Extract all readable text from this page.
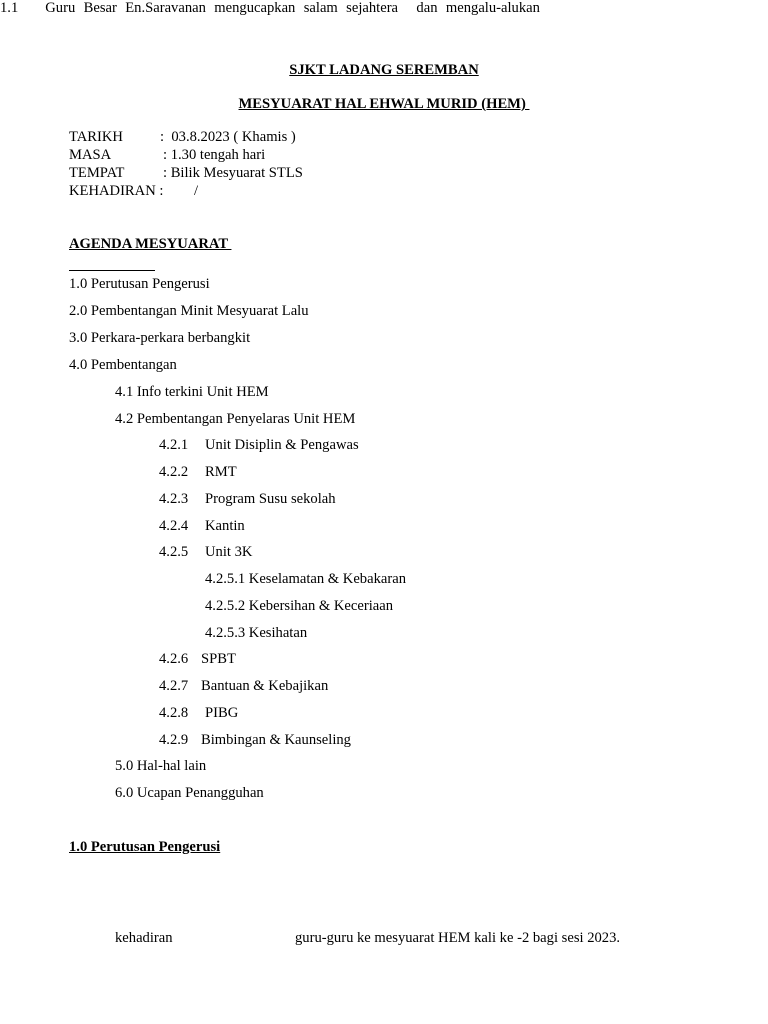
SJKT LADANG SEREMBAN
MESYUARAT HAL EHWAL MURID (HEM)
TARIKH	:  03.8.2023 ( Khamis )
MASA	: 1.30 tengah hari
TEMPAT	: Bilik Mesyuarat STLS
KEHADIRAN : /
AGENDA MESYUARAT
1.0 Perutusan Pengerusi
2.0 Pembentangan Minit Mesyuarat Lalu
3.0 Perkara-perkara berbangkit
4.0 Pembentangan
4.1 Info terkini Unit HEM
4.2 Pembentangan Penyelaras Unit HEM
4.2.1 Unit Disiplin & Pengawas
4.2.2 RMT
4.2.3 Program Susu sekolah
4.2.4 Kantin
4.2.5 Unit 3K
4.2.5.1 Keselamatan & Kebakaran
4.2.5.2 Kebersihan & Keceriaan
4.2.5.3 Kesihatan
4.2.6 SPBT
4.2.7 Bantuan & Kebajikan
4.2.8 PIBG
4.2.9 Bimbingan & Kaunseling
5.0 Hal-hal lain
6.0 Ucapan Penangguhan
1.0 Perutusan Pengerusi
1.1 Guru Besar En.Saravanan mengucapkan salam sejahtera dan mengalu-alukan
kehadiran	guru-guru ke mesyuarat HEM kali ke -2 bagi sesi 2023.
